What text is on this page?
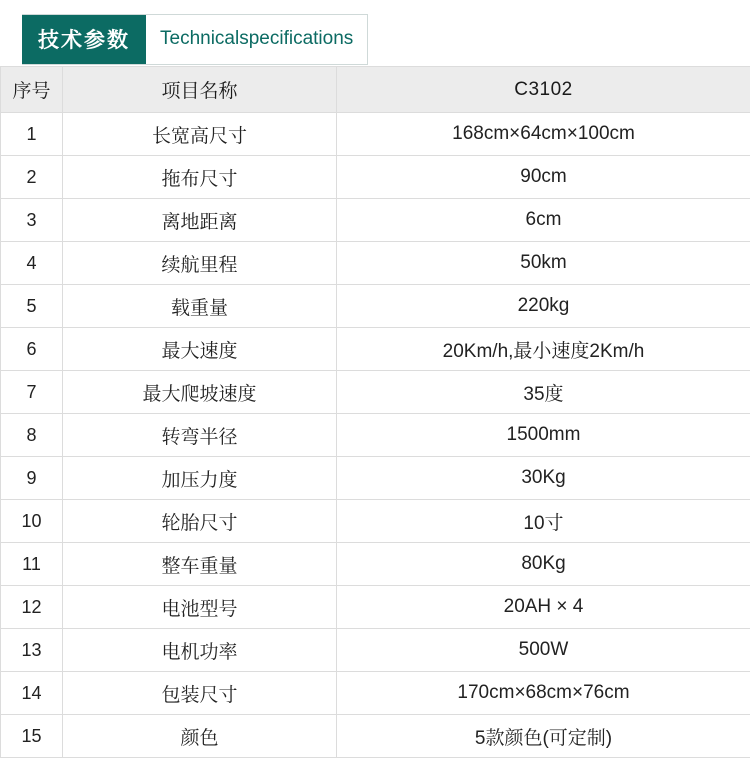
技术参数	Technicalspecifications
序号	项目名称	C3102
1	长宽高尺寸	168cm×64cm×100cm
2	拖布尺寸	90cm
3	离地距离	6cm
4	续航里程	50km
5	载重量	220kg
6	最大速度	20Km/h,最小速度2Km/h
7	最大爬坡速度	35度
8	转弯半径	1500mm
9	加压力度	30Kg
10	轮胎尺寸	10寸
11	整车重量	80Kg
12	电池型号	20AH × 4
13	电机功率	500W
14	包装尺寸	170cm×68cm×76cm
15	颜色	5款颜色(可定制)
